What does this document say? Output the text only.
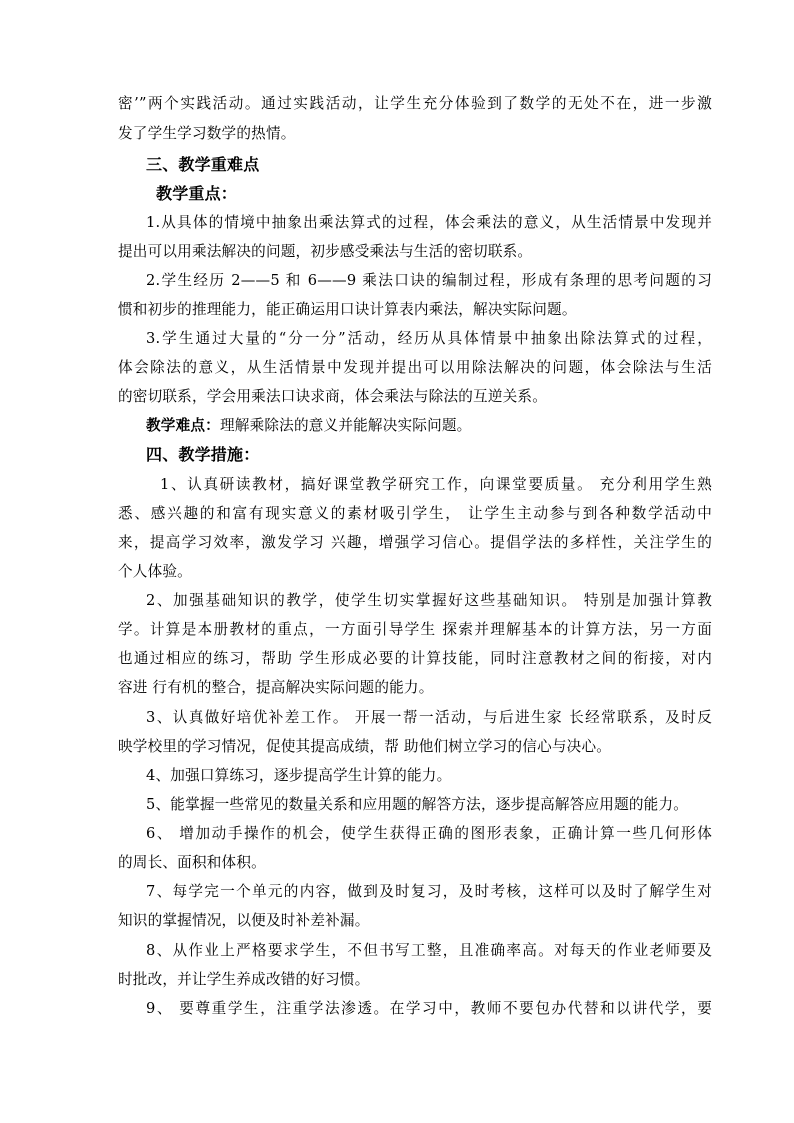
密’”两个实践活动。通过实践活动，让学生充分体验到了数学的无处不在，进一步激
发了学生学习数学的热情。
三、教学重难点
教学重点：
1.从具体的情境中抽象出乘法算式的过程，体会乘法的意义，从生活情景中发现并
提出可以用乘法解决的问题，初步感受乘法与生活的密切联系。
2.学生经历 2——5 和 6——9 乘法口诀的编制过程，形成有条理的思考问题的习
惯和初步的推理能力，能正确运用口诀计算表内乘法，解决实际问题。
3.学生通过大量的“分一分”活动，经历从具体情景中抽象出除法算式的过程，
体会除法的意义，从生活情景中发现并提出可以用除法解决的问题，体会除法与生活
的密切联系，学会用乘法口诀求商，体会乘法与除法的互逆关系。
教学难点：理解乘除法的意义并能解决实际问题。
四、教学措施：
1、认真研读教材，搞好课堂教学研究工作，向课堂要质量。 充分利用学生熟
悉、感兴趣的和富有现实意义的素材吸引学生， 让学生主动参与到各种数学活动中
来，提高学习效率，激发学习 兴趣，增强学习信心。提倡学法的多样性，关注学生的
个人体验。
2、加强基础知识的教学，使学生切实掌握好这些基础知识。 特别是加强计算教
学。计算是本册教材的重点，一方面引导学生 探索并理解基本的计算方法，另一方面
也通过相应的练习，帮助 学生形成必要的计算技能，同时注意教材之间的衔接，对内
容进 行有机的整合，提高解决实际问题的能力。
3、认真做好培优补差工作。 开展一帮一活动，与后进生家 长经常联系，及时反
映学校里的学习情况，促使其提高成绩，帮 助他们树立学习的信心与决心。
4、加强口算练习，逐步提高学生计算的能力。
5、能掌握一些常见的数量关系和应用题的解答方法，逐步提高解答应用题的能力。
6、 增加动手操作的机会，使学生获得正确的图形表象，正确计算一些几何形体
的周长、面积和体积。
7、每学完一个单元的内容，做到及时复习，及时考核，这样可以及时了解学生对
知识的掌握情况，以便及时补差补漏。
8、从作业上严格要求学生，不但书写工整，且准确率高。对每天的作业老师要及
时批改，并让学生养成改错的好习惯。
9、 要尊重学生，注重学法渗透。在学习中，教师不要包办代替和以讲代学，要
